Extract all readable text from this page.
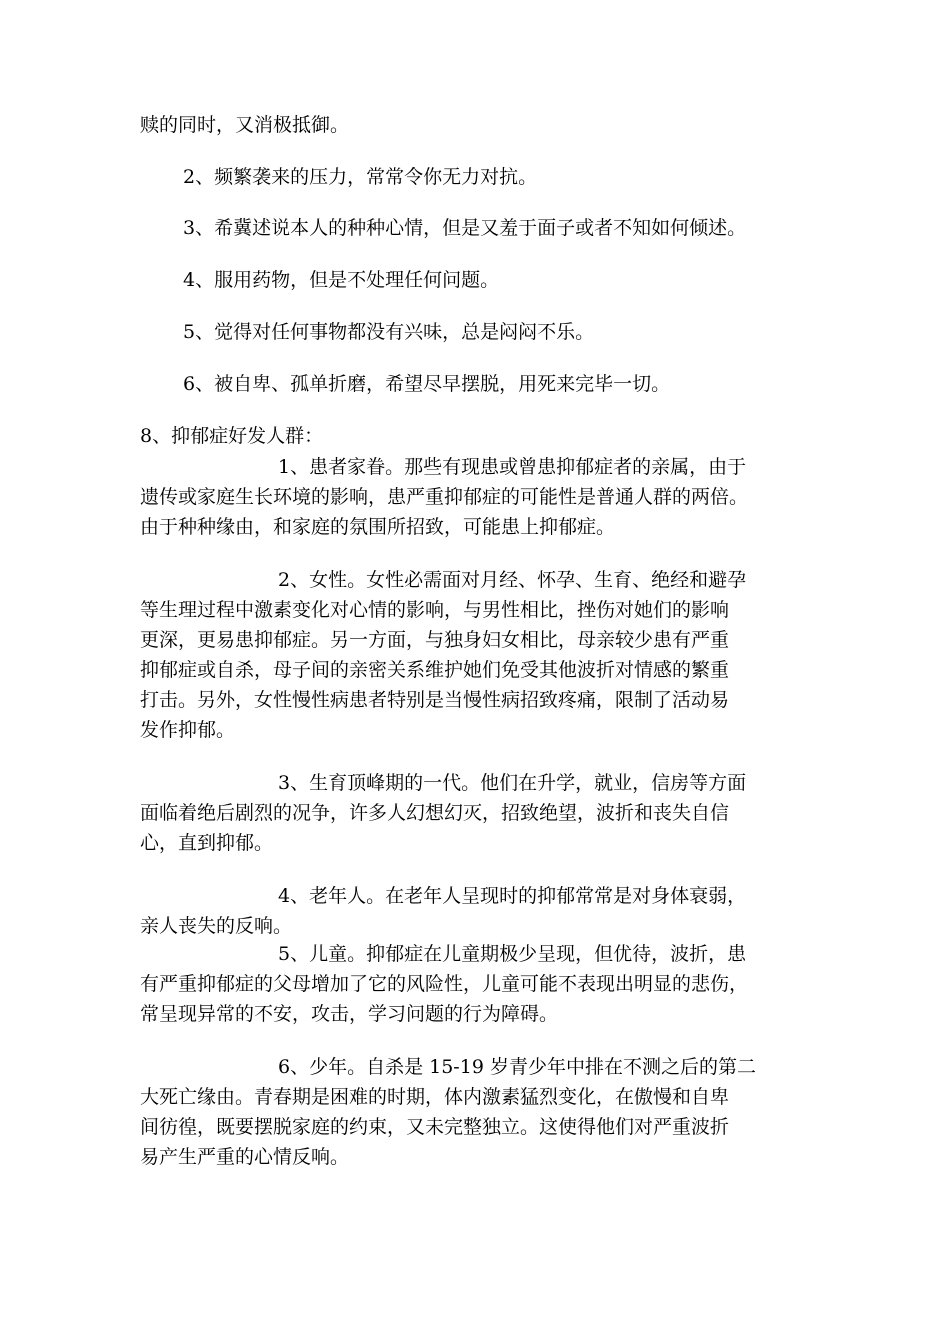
赎的同时，又消极抵御。

2、频繁袭来的压力，常常令你无力对抗。

3、希冀述说本人的种种心情，但是又羞于面子或者不知如何倾述。

4、服用药物，但是不处理任何问题。

5、觉得对任何事物都没有兴味，总是闷闷不乐。

6、被自卑、孤单折磨，希望尽早摆脱，用死来完毕一切。

8、抑郁症好发人群：

1、患者家眷。那些有现患或曾患抑郁症者的亲属，由于

遗传或家庭生长环境的影响，患严重抑郁症的可能性是普通人群的两倍。

由于种种缘由，和家庭的氛围所招致，可能患上抑郁症。

2、女性。女性必需面对月经、怀孕、生育、绝经和避孕

等生理过程中激素变化对心情的影响，与男性相比，挫伤对她们的影响

更深，更易患抑郁症。另一方面，与独身妇女相比，母亲较少患有严重

抑郁症或自杀，母子间的亲密关系维护她们免受其他波折对情感的繁重

打击。另外，女性慢性病患者特别是当慢性病招致疼痛，限制了活动易

发作抑郁。

3、生育顶峰期的一代。他们在升学，就业，信房等方面

面临着绝后剧烈的况争，许多人幻想幻灭，招致绝望，波折和丧失自信

心，直到抑郁。

4、老年人。在老年人呈现时的抑郁常常是对身体衰弱，

亲人丧失的反响。

5、儿童。抑郁症在儿童期极少呈现，但优待，波折，患

有严重抑郁症的父母增加了它的风险性，儿童可能不表现出明显的悲伤，

常呈现异常的不安，攻击，学习问题的行为障碍。

6、少年。自杀是 15-19 岁青少年中排在不测之后的第二

大死亡缘由。青春期是困难的时期，体内激素猛烈变化，在傲慢和自卑

间彷徨，既要摆脱家庭的约束，又未完整独立。这使得他们对严重波折

易产生严重的心情反响。
